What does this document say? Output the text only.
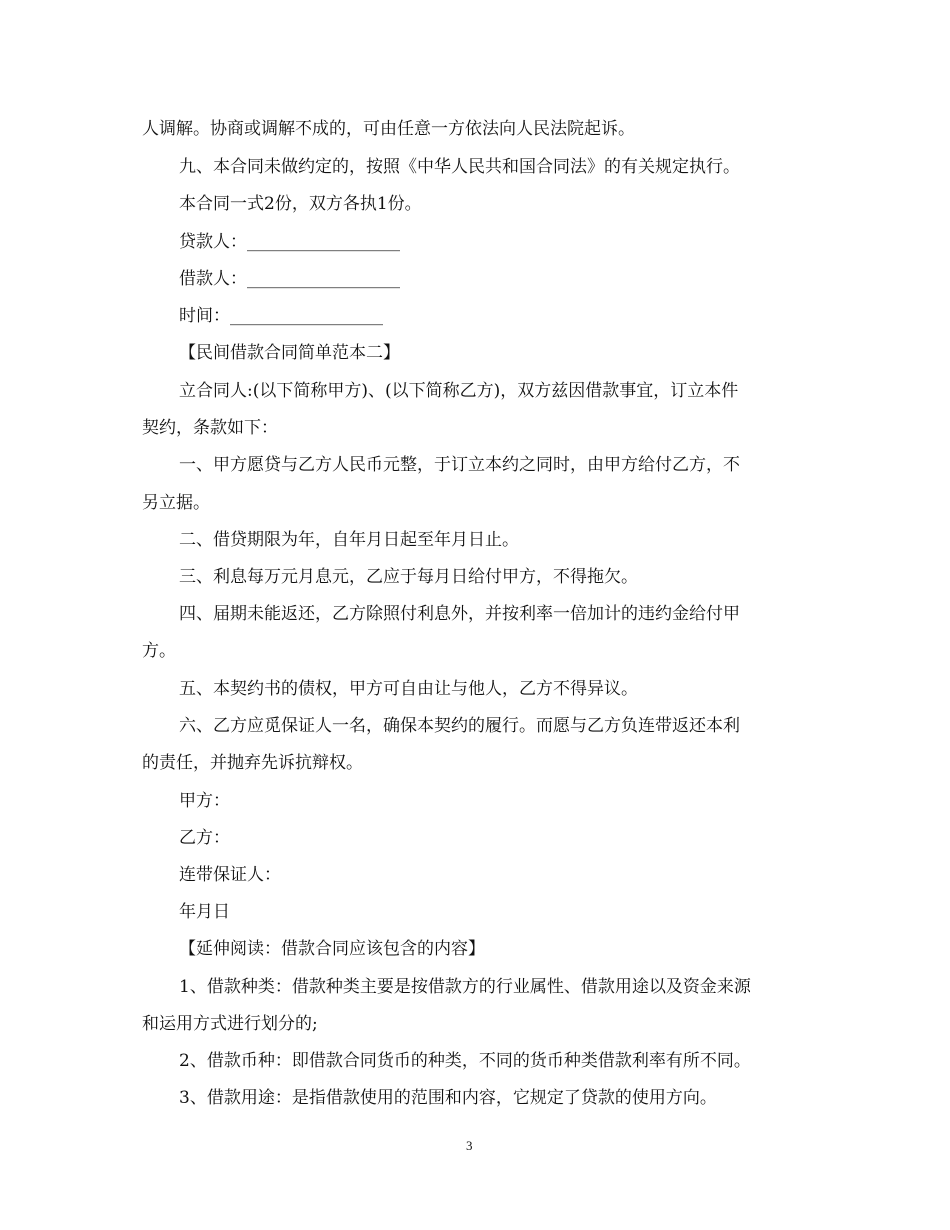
人调解。协商或调解不成的，可由任意一方依法向人民法院起诉。
九、本合同未做约定的，按照《中华人民共和国合同法》的有关规定执行。
本合同一式2份，双方各执1份。
贷款人：__________________
借款人：__________________
时间：__________________
【民间借款合同简单范本二】
立合同人:(以下简称甲方)、(以下简称乙方)，双方兹因借款事宜，订立本件
契约，条款如下：
一、甲方愿贷与乙方人民币元整，于订立本约之同时，由甲方给付乙方，不
另立据。
二、借贷期限为年，自年月日起至年月日止。
三、利息每万元月息元，乙应于每月日给付甲方，不得拖欠。
四、届期未能返还，乙方除照付利息外，并按利率一倍加计的违约金给付甲
方。
五、本契约书的债权，甲方可自由让与他人，乙方不得异议。
六、乙方应觅保证人一名，确保本契约的履行。而愿与乙方负连带返还本利
的责任，并抛弃先诉抗辩权。
甲方：
乙方：
连带保证人：
年月日
【延伸阅读：借款合同应该包含的内容】
1、借款种类：借款种类主要是按借款方的行业属性、借款用途以及资金来源
和运用方式进行划分的;
2、借款币种：即借款合同货币的种类，不同的货币种类借款利率有所不同。
3、借款用途：是指借款使用的范围和内容，它规定了贷款的使用方向。
3
